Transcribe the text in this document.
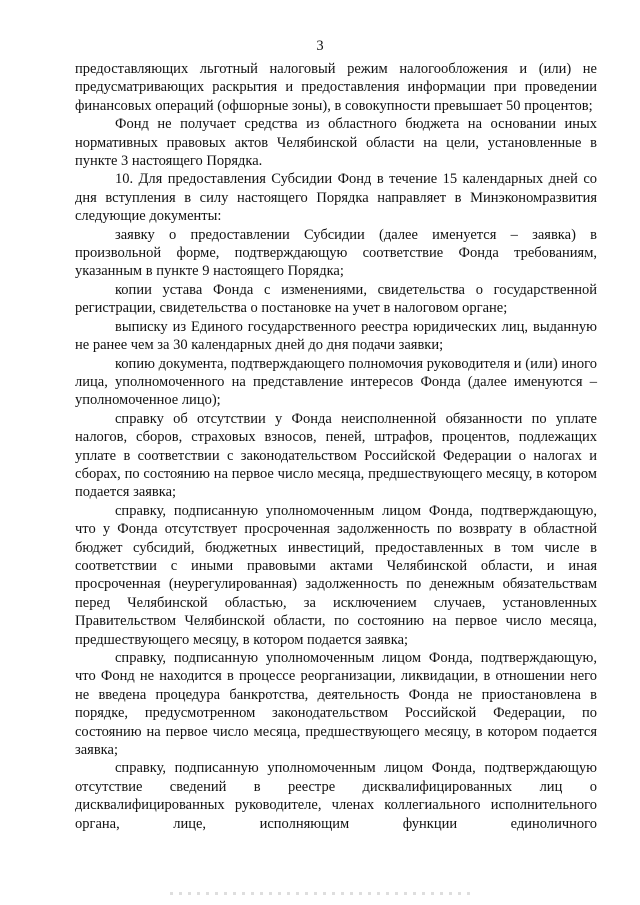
3

предоставляющих льготный налоговый режим налогообложения и (или) не предусматривающих раскрытия и предоставления информации при проведении финансовых операций (офшорные зоны), в совокупности превышает 50 процентов;

Фонд не получает средства из областного бюджета на основании иных нормативных правовых актов Челябинской области на цели, установленные в пункте 3 настоящего Порядка.

10. Для предоставления Субсидии Фонд в течение 15 календарных дней со дня вступления в силу настоящего Порядка направляет в Минэкономразвития следующие документы:

заявку о предоставлении Субсидии (далее именуется – заявка) в произвольной форме, подтверждающую соответствие Фонда требованиям, указанным в пункте 9 настоящего Порядка;

копии устава Фонда с изменениями, свидетельства о государственной регистрации, свидетельства о постановке на учет в налоговом органе;

выписку из Единого государственного реестра юридических лиц, выданную не ранее чем за 30 календарных дней до дня подачи заявки;

копию документа, подтверждающего полномочия руководителя и (или) иного лица, уполномоченного на представление интересов Фонда (далее именуются – уполномоченное лицо);

справку об отсутствии у Фонда неисполненной обязанности по уплате налогов, сборов, страховых взносов, пеней, штрафов, процентов, подлежащих уплате в соответствии с законодательством Российской Федерации о налогах и сборах, по состоянию на первое число месяца, предшествующего месяцу, в котором подается заявка;

справку, подписанную уполномоченным лицом Фонда, подтверждающую, что у Фонда отсутствует просроченная задолженность по возврату в областной бюджет субсидий, бюджетных инвестиций, предоставленных в том числе в соответствии с иными правовыми актами Челябинской области, и иная просроченная (неурегулированная) задолженность по денежным обязательствам перед Челябинской областью, за исключением случаев, установленных Правительством Челябинской области, по состоянию на первое число месяца, предшествующего месяцу, в котором подается заявка;

справку, подписанную уполномоченным лицом Фонда, подтверждающую, что Фонд не находится в процессе реорганизации, ликвидации, в отношении него не введена процедура банкротства, деятельность Фонда не приостановлена в порядке, предусмотренном законодательством Российской Федерации, по состоянию на первое число месяца, предшествующего месяцу, в котором подается заявка;

справку, подписанную уполномоченным лицом Фонда, подтверждающую отсутствие сведений в реестре дисквалифицированных лиц о дисквалифицированных руководителе, членах коллегиального исполнительного органа, лице, исполняющим функции единоличного
